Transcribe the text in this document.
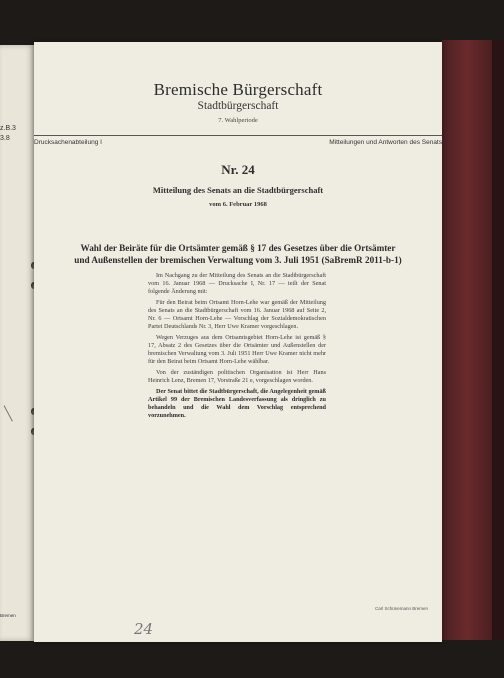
z.B.3
3.8
Bremen
Bremische Bürgerschaft
Stadtbürgerschaft
7. Wahlperiode
Drucksachenabteilung I	Mitteilungen und Antworten des Senats
Nr. 24
Mitteilung des Senats an die Stadtbürgerschaft
vom 6. Februar 1968
Wahl der Beiräte für die Ortsämter gemäß § 17 des Gesetzes über die Ortsämter
und Außenstellen der bremischen Verwaltung vom 3. Juli 1951 (SaBremR 2011-b-1)

Im Nachgang zu der Mitteilung des Senats an die Stadtbürgerschaft vom 16. Januar 1968 — Drucksache I, Nr. 17 — teilt der Senat folgende Änderung mit:

Für den Beirat beim Ortsamt Horn-Lehe war gemäß der Mitteilung des Senats an die Stadtbürgerschaft vom 16. Januar 1968 auf Seite 2, Nr. 6 — Ortsamt Horn-Lehe — Vorschlag der Sozialdemokratischen Partei Deutschlands Nr. 3, Herr Uwe Kramer vorgeschlagen.

Wegen Verzuges aus dem Ortsamtsgebiet Horn-Lehe ist gemäß § 17, Absatz 2 des Gesetzes über die Ortsämter und Außenstellen der bremischen Verwaltung vom 3. Juli 1951 Herr Uwe Kramer nicht mehr für den Beirat beim Ortsamt Horn-Lehe wählbar.

Von der zuständigen politischen Organisation ist Herr Hans Heinrich Lenz, Bremen 17, Vorstraße 21 e, vorgeschlagen worden.

Der Senat bittet die Stadtbürgerschaft, die Angelegenheit gemäß Artikel 99 der Bremischen Landesverfassung als dringlich zu behandeln und die Wahl dem Vorschlag entsprechend vorzunehmen.

Carl Schünemann Bremen
24
